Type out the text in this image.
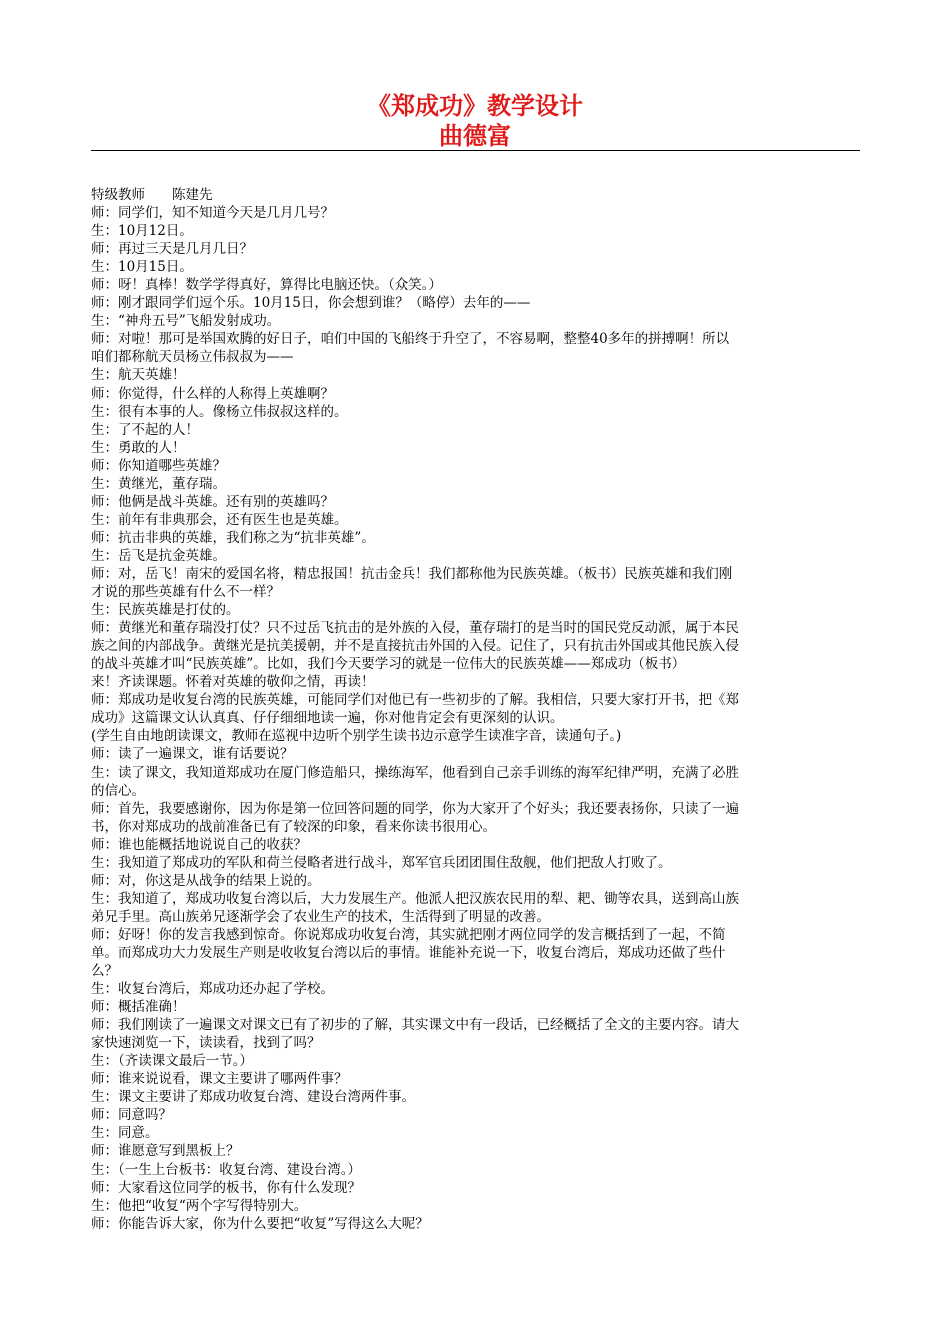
《郑成功》教学设计
曲德富
特级教师　　陈建先
师：同学们，知不知道今天是几月几号？
生：10月12日。
师：再过三天是几月几日？
生：10月15日。
师：呀！真棒！数学学得真好，算得比电脑还快。（众笑。）
师：刚才跟同学们逗个乐。10月15日，你会想到谁？（略停）去年的——
生：“神舟五号”飞船发射成功。
师：对啦！那可是举国欢腾的好日子，咱们中国的飞船终于升空了，不容易啊，整整40多年的拼搏啊！所以
咱们都称航天员杨立伟叔叔为——
生：航天英雄！
师：你觉得，什么样的人称得上英雄啊？
生：很有本事的人。像杨立伟叔叔这样的。
生：了不起的人！
生：勇敢的人！
师：你知道哪些英雄？
生：黄继光，董存瑞。
师：他俩是战斗英雄。还有别的英雄吗？
生：前年有非典那会，还有医生也是英雄。
师：抗击非典的英雄，我们称之为“抗非英雄”。
生：岳飞是抗金英雄。
师：对，岳飞！南宋的爱国名将，精忠报国！抗击金兵！我们都称他为民族英雄。（板书）民族英雄和我们刚
才说的那些英雄有什么不一样？
生：民族英雄是打仗的。
师：黄继光和董存瑞没打仗？只不过岳飞抗击的是外族的入侵，董存瑞打的是当时的国民党反动派，属于本民
族之间的内部战争。黄继光是抗美援朝，并不是直接抗击外国的入侵。记住了，只有抗击外国或其他民族入侵
的战斗英雄才叫“民族英雄”。比如，我们今天要学习的就是一位伟大的民族英雄——郑成功（板书）
来！齐读课题。怀着对英雄的敬仰之情，再读！
师：郑成功是收复台湾的民族英雄，可能同学们对他已有一些初步的了解。我相信，只要大家打开书，把《郑
成功》这篇课文认认真真、仔仔细细地读一遍，你对他肯定会有更深刻的认识。
(学生自由地朗读课文，教师在巡视中边听个别学生读书边示意学生读准字音，读通句子。)
师：读了一遍课文，谁有话要说？
生：读了课文，我知道郑成功在厦门修造船只，操练海军，他看到自己亲手训练的海军纪律严明，充满了必胜
的信心。
师：首先，我要感谢你，因为你是第一位回答问题的同学，你为大家开了个好头；我还要表扬你，只读了一遍
书，你对郑成功的战前准备已有了较深的印象，看来你读书很用心。
师：谁也能概括地说说自己的收获？
生：我知道了郑成功的军队和荷兰侵略者进行战斗，郑军官兵团团围住敌舰，他们把敌人打败了。
师：对，你这是从战争的结果上说的。
生：我知道了，郑成功收复台湾以后，大力发展生产。他派人把汉族农民用的犁、耙、锄等农具，送到高山族
弟兄手里。高山族弟兄逐渐学会了农业生产的技术，生活得到了明显的改善。
师：好呀！你的发言我感到惊奇。你说郑成功收复台湾，其实就把刚才两位同学的发言概括到了一起，不简
单。而郑成功大力发展生产则是收收复台湾以后的事情。谁能补充说一下，收复台湾后，郑成功还做了些什
么？
生：收复台湾后，郑成功还办起了学校。
师：概括准确！
师：我们刚读了一遍课文对课文已有了初步的了解，其实课文中有一段话，已经概括了全文的主要内容。请大
家快速浏览一下，读读看，找到了吗？
生：（齐读课文最后一节。）
师：谁来说说看，课文主要讲了哪两件事？
生：课文主要讲了郑成功收复台湾、建设台湾两件事。
师：同意吗？
生：同意。
师：谁愿意写到黑板上？
生：（一生上台板书：收复台湾、建设台湾。）
师：大家看这位同学的板书，你有什么发现？
生：他把“收复“两个字写得特别大。
师：你能告诉大家，你为什么要把“收复”写得这么大呢？
